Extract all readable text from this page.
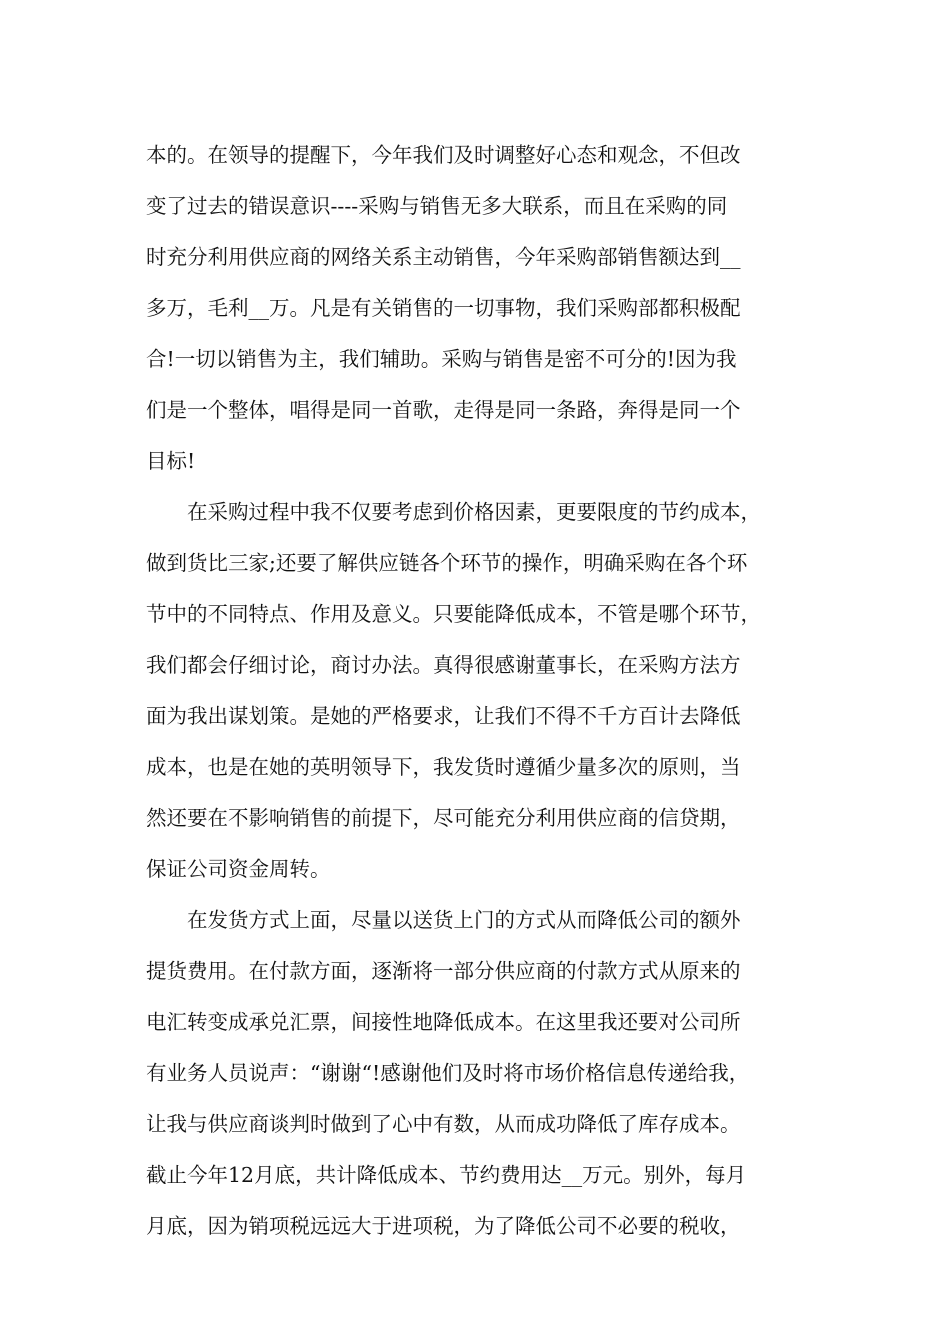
本的。在领导的提醒下，今年我们及时调整好心态和观念，不但改
变了过去的错误意识----采购与销售无多大联系，而且在采购的同
时充分利用供应商的网络关系主动销售，今年采购部销售额达到__
多万，毛利__万。凡是有关销售的一切事物，我们采购部都积极配
合!一切以销售为主，我们辅助。采购与销售是密不可分的!因为我
们是一个整体，唱得是同一首歌，走得是同一条路，奔得是同一个
目标!
在采购过程中我不仅要考虑到价格因素，更要限度的节约成本，
做到货比三家;还要了解供应链各个环节的操作，明确采购在各个环
节中的不同特点、作用及意义。只要能降低成本，不管是哪个环节，
我们都会仔细讨论，商讨办法。真得很感谢董事长，在采购方法方
面为我出谋划策。是她的严格要求，让我们不得不千方百计去降低
成本，也是在她的英明领导下，我发货时遵循少量多次的原则，当
然还要在不影响销售的前提下，尽可能充分利用供应商的信贷期，
保证公司资金周转。
在发货方式上面，尽量以送货上门的方式从而降低公司的额外
提货费用。在付款方面，逐渐将一部分供应商的付款方式从原来的
电汇转变成承兑汇票，间接性地降低成本。在这里我还要对公司所
有业务人员说声：“谢谢“!感谢他们及时将市场价格信息传递给我，
让我与供应商谈判时做到了心中有数，从而成功降低了库存成本。
截止今年12月底，共计降低成本、节约费用达__万元。别外，每月
月底，因为销项税远远大于进项税，为了降低公司不必要的税收，
